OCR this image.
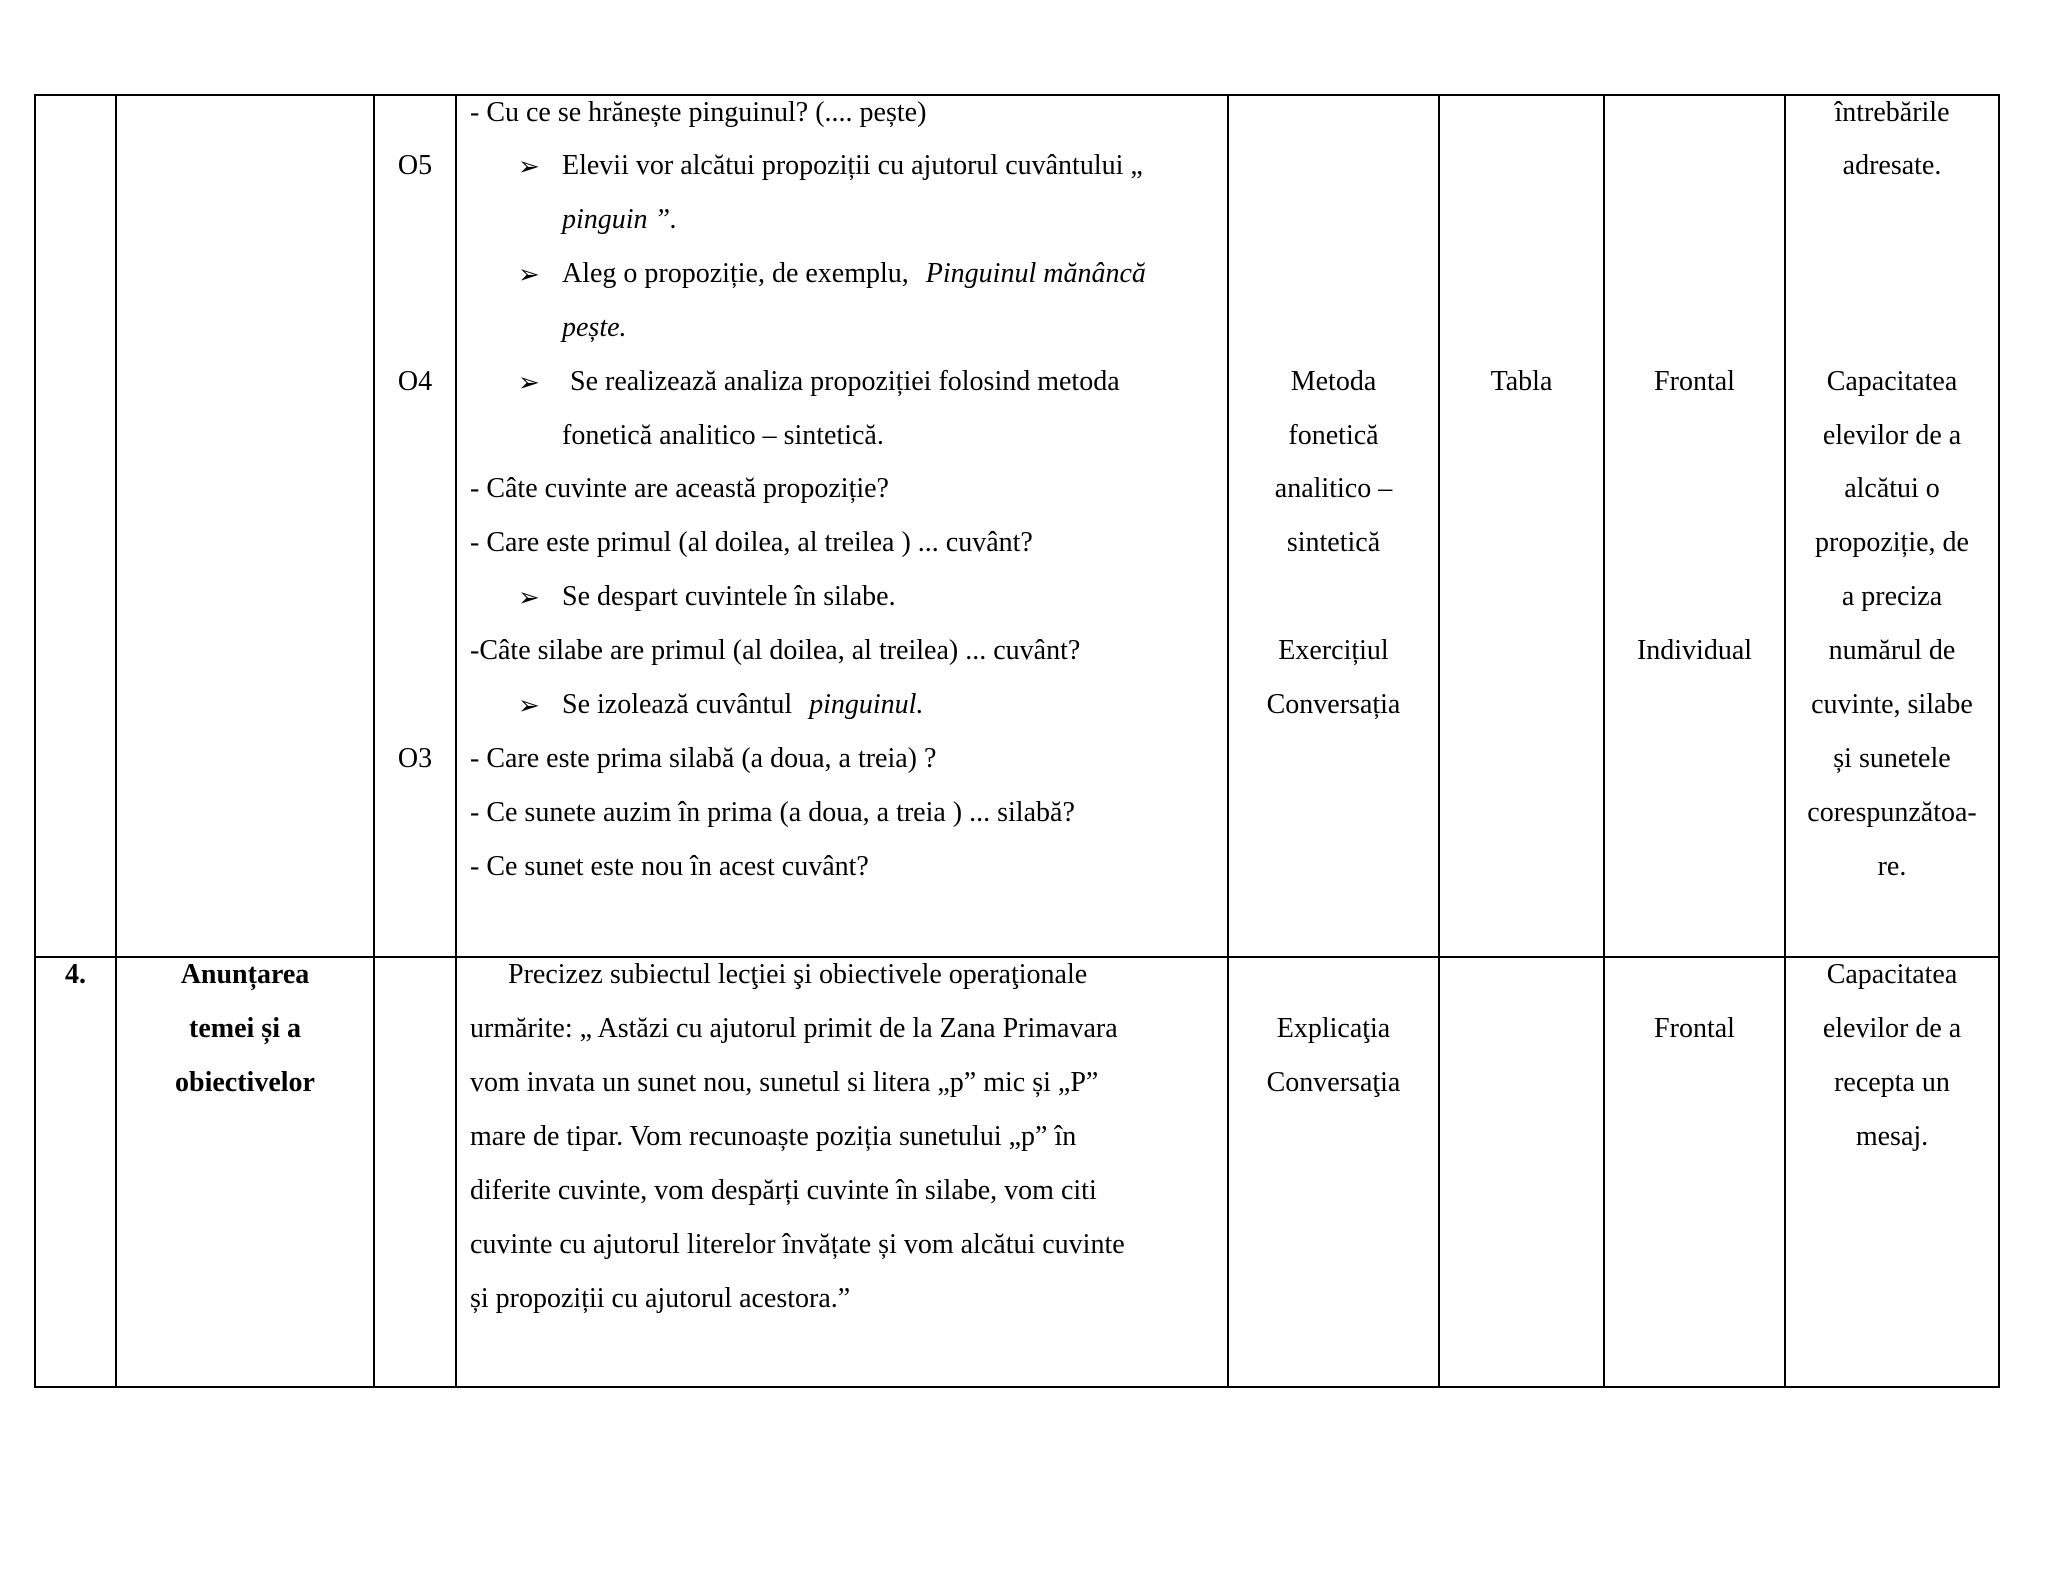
O5
O4
O3
- Cu ce se hrănește pinguinul? (.... pește)
➢ Elevii vor alcătui propoziții cu ajutorul cuvântului „
pinguin ”.
➢ Aleg o propoziție, de exemplu, Pinguinul mănâncă
pește.
➢ Se realizează analiza propoziției folosind metoda
fonetică analitico – sintetică.
- Câte cuvinte are această propoziție?
- Care este primul (al doilea, al treilea ) ... cuvânt?
➢ Se despart cuvintele în silabe.
-Câte silabe are primul (al doilea, al treilea) ... cuvânt?
➢ Se izolează cuvântul pinguinul.
- Care este prima silabă (a doua, a treia) ?
- Ce sunete auzim în prima (a doua, a treia ) ... silabă?
- Ce sunet este nou în acest cuvânt?
Metoda
fonetică
analitico –
sintetică
Exercițiul
Conversația
Tabla	Frontal
Individual
întrebările
adresate.
Capacitatea
elevilor de a
alcătui o
propoziție, de
a preciza
numărul de
cuvinte, silabe
și sunetele
corespunzătoa-
re.
4.	Anunțarea
temei și a
obiectivelor
Precizez subiectul lecţiei şi obiectivele operaţionale
urmărite: „ Astăzi cu ajutorul primit de la Zana Primavara
vom invata un sunet nou, sunetul si litera „p” mic și „P”
mare de tipar. Vom recunoaște poziția sunetului „p” în
diferite cuvinte, vom despărți cuvinte în silabe, vom citi
cuvinte cu ajutorul literelor învățate și vom alcătui cuvinte
și propoziții cu ajutorul acestora.”
Explicaţia
Conversaţia
Frontal
Capacitatea
elevilor de a
recepta un
mesaj.
